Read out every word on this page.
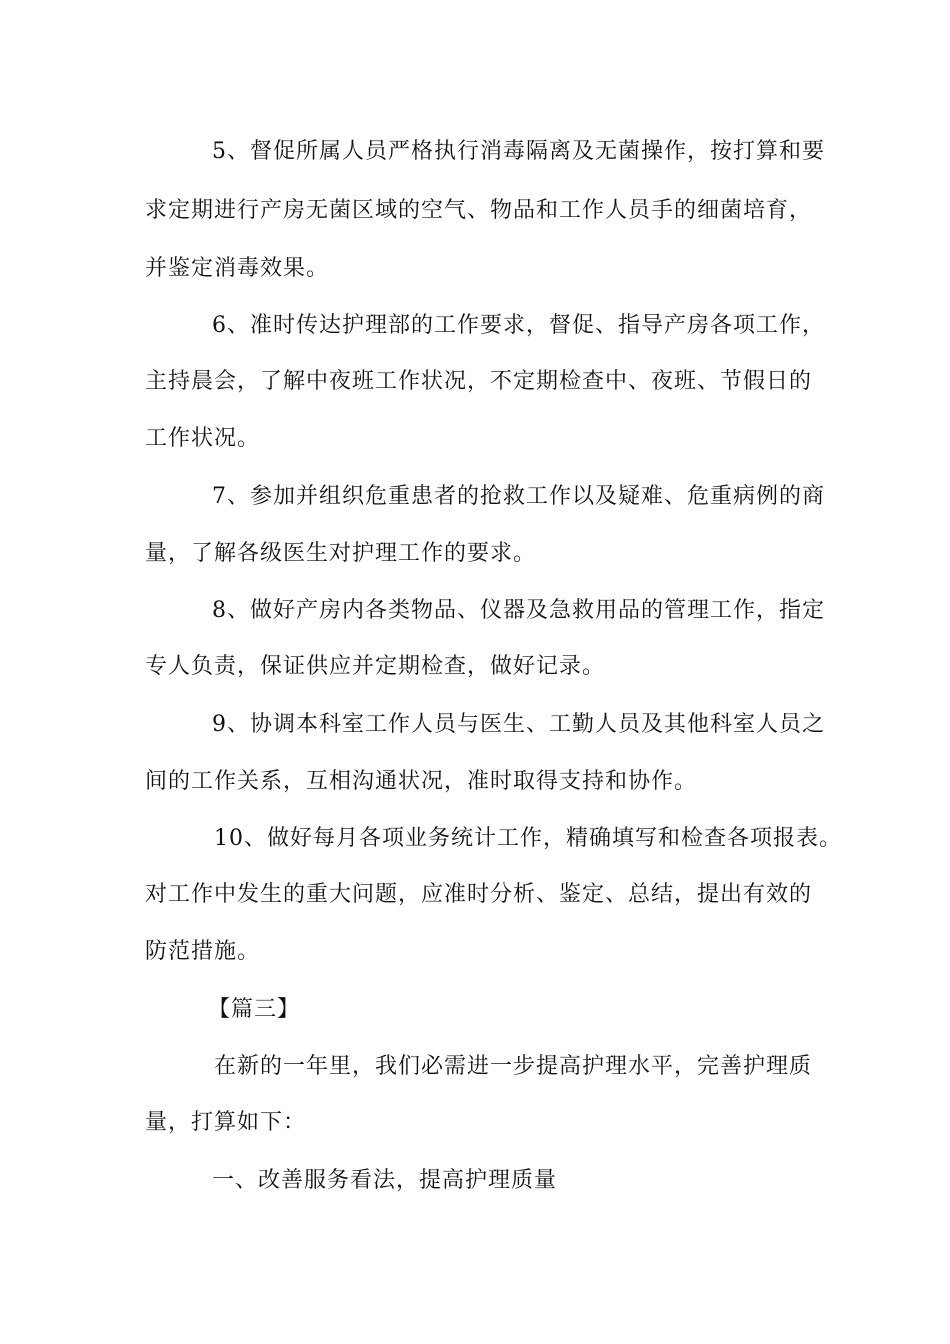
5、督促所属人员严格执行消毒隔离及无菌操作，按打算和要
求定期进行产房无菌区域的空气、物品和工作人员手的细菌培育，
并鉴定消毒效果。
6、准时传达护理部的工作要求，督促、指导产房各项工作，
主持晨会，了解中夜班工作状况，不定期检查中、夜班、节假日的
工作状况。
7、参加并组织危重患者的抢救工作以及疑难、危重病例的商
量，了解各级医生对护理工作的要求。
8、做好产房内各类物品、仪器及急救用品的管理工作，指定
专人负责，保证供应并定期检查，做好记录。
9、协调本科室工作人员与医生、工勤人员及其他科室人员之
间的工作关系，互相沟通状况，准时取得支持和协作。
10、做好每月各项业务统计工作，精确填写和检查各项报表。
对工作中发生的重大问题，应准时分析、鉴定、总结，提出有效的
防范措施。
【篇三】
在新的一年里，我们必需进一步提高护理水平，完善护理质
量，打算如下：
一、改善服务看法，提高护理质量
